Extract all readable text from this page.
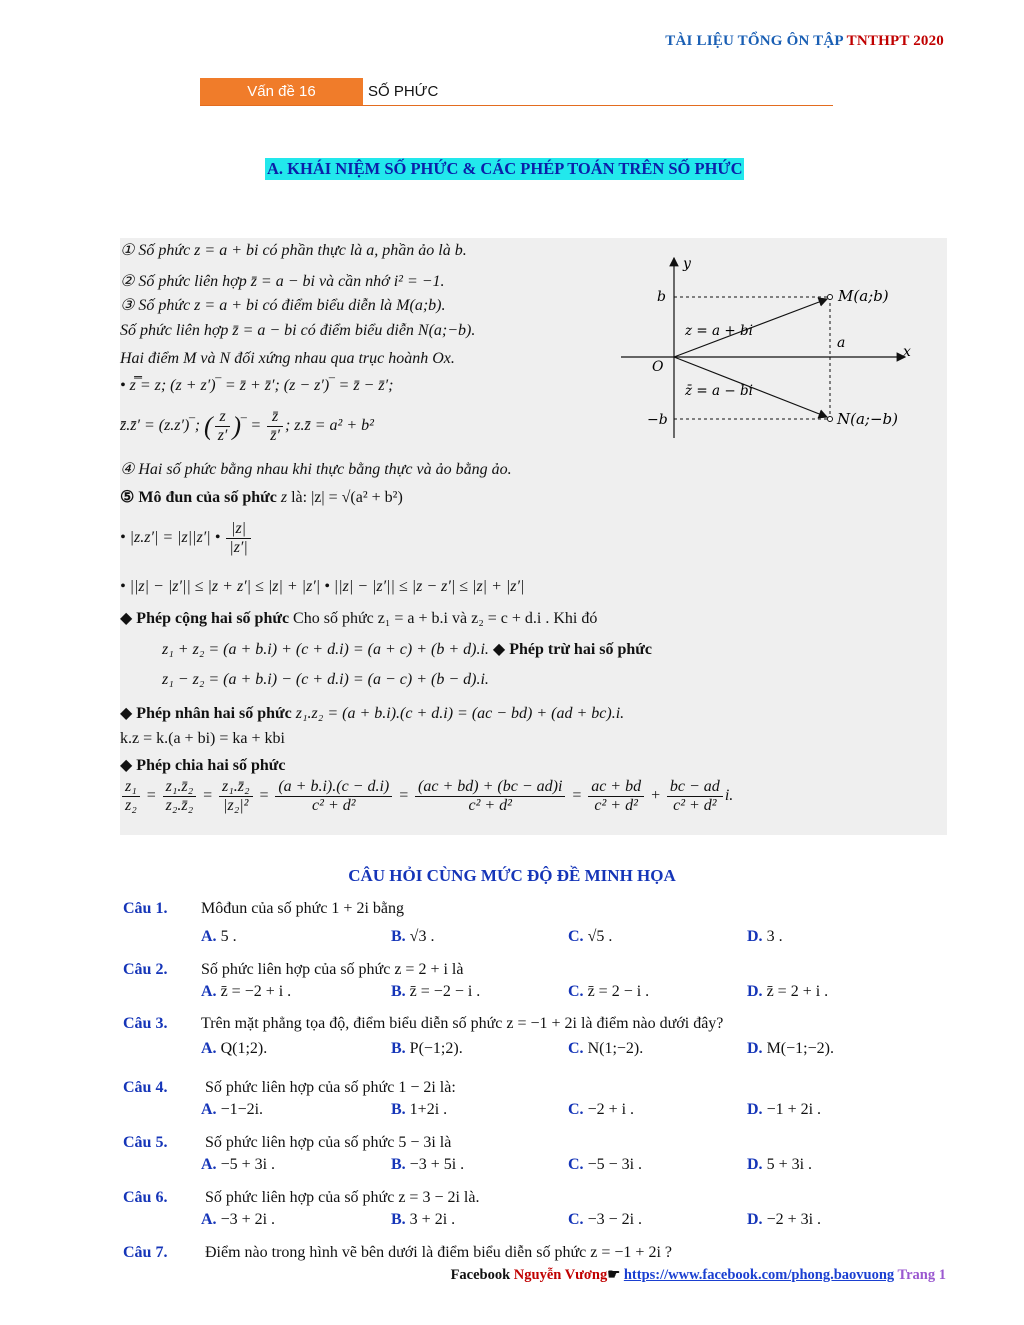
TÀI LIỆU TỔNG ÔN TẬP TNTHPT 2020
Vấn đề 16	SỐ PHỨC
A. KHÁI NIỆM SỐ PHỨC & CÁC PHÉP TOÁN TRÊN SỐ PHỨC
① Số phức z = a + bi có phần thực là a, phần ảo là b.
② Số phức liên hợp z̄ = a − bi và cần nhớ i² = −1.
③ Số phức z = a + bi có điểm biểu diễn là M(a;b).
Số phức liên hợp z̄ = a − bi có điểm biểu diễn N(a;−b).
Hai điểm M và N đối xứng nhau qua trục hoành Ox.
• z̿ = z; (z + z′)‾ = z̄ + z̄′; (z − z′)‾ = z̄ − z̄′;
z̄.z̄′ = (z.z′)‾; ( $\frac{z}{z'}$ )‾ = $\frac{z̄}{z̄'}$ ; z.z̄ = a² + b²
④ Hai số phức bằng nhau khi thực bằng thực và ảo bằng ảo.
⑤ Mô đun của số phức z là: |z| = √(a² + b²)
• |z.z′| = |z||z′| • $\frac{|z|}{|z'|}$
• ||z| − |z′|| ≤ |z + z′| ≤ |z| + |z′| • ||z| − |z′|| ≤ |z − z′| ≤ |z| + |z′|
◆ Phép cộng hai số phức Cho số phức z₁ = a + b.i và z₂ = c + d.i . Khi đó
z₁ + z₂ = (a + b.i) + (c + d.i) = (a + c) + (b + d).i. ◆ Phép trừ hai số phức
z₁ − z₂ = (a + b.i) − (c + d.i) = (a − c) + (b − d).i.
◆ Phép nhân hai số phức z₁.z₂ = (a + b.i).(c + d.i) = (ac − bd) + (ad + bc).i.
k.z = k.(a + bi) = ka + kbi
◆ Phép chia hai số phức
$\frac{\text{z₁}}{\text{z₂}} = \frac{\text{z₁.z̄₂}}{\text{z₂.z̄₂}} = \frac{\text{z₁.z̄₂}}{\text{|z₂|²}} = \frac{(a + b.i).(c - d.i)}{\text{c² + d²}} = \frac{(ac + bd) + (bc - ad)i}{\text{c² + d²}} = \frac{ac + bd}{\text{c² + d²}} + \frac{bc - ad}{\text{c² + d²}} i$.
y
x
O
b
−b
a
M(a;b)
N(a;−b)
z = a + bi
z̄ = a − bi
CÂU HỎI CÙNG MỨC ĐỘ ĐỀ MINH HỌA
Câu 1. Môđun của số phức 1 + 2i bằng
A. 5 .	B. √3 .	C. √5 .	D. 3 .
Câu 2. Số phức liên hợp của số phức z = 2 + i là
A. z̄ = −2 + i .	B. z̄ = −2 − i .	C. z̄ = 2 − i .	D. z̄ = 2 + i .
Câu 3. Trên mặt phẳng tọa độ, điểm biểu diễn số phức z = −1 + 2i là điểm nào dưới đây?
A. Q(1;2).	B. P(−1;2).	C. N(1;−2).	D. M(−1;−2).
Câu 4. Số phức liên hợp của số phức 1 − 2i là:
A. −1−2i.	B. 1+2i .	C. −2 + i .	D. −1 + 2i .
Câu 5. Số phức liên hợp của số phức 5 − 3i là
A. −5 + 3i .	B. −3 + 5i .	C. −5 − 3i .	D. 5 + 3i .
Câu 6. Số phức liên hợp của số phức z = 3 − 2i là.
A. −3 + 2i .	B. 3 + 2i .	C. −3 − 2i .	D. −2 + 3i .
Câu 7. Điểm nào trong hình vẽ bên dưới là điểm biểu diễn số phức z = −1 + 2i ?
Facebook Nguyễn Vương☛ https://www.facebook.com/phong.baovuong Trang 1
